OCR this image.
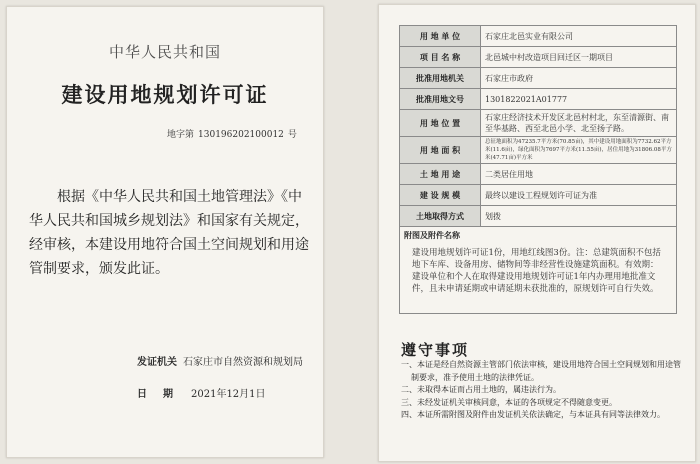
中华人民共和国
建设用地规划许可证
地字第 130196202100012 号
根据《中华人民共和国土地管理法》《中华人民共和国城乡规划法》和国家有关规定，经审核，本建设用地符合国土空间规划和用途管制要求，颁发此证。
发证机关 石家庄市自然资源和规划局
日期 2021年12月1日
用 地 单 位	石家庄北邑实业有限公司
项 目 名 称	北邑城中村改造项目回迁区一期项目
批准用地机关	石家庄市政府
批准用地文号	1301822021A01777
用 地 位 置	石家庄经济技术开发区北邑村村北，东至清源街、南至华基路、西至北邑小学、北至扬子路。
用 地 面 积	总征地面积为47235.7平方米(70.85亩)，其中建设用地面积为7732.62平方米(11.6亩)，绿化面积为7697平方米(11.55亩)，居住用地为31806.08平方米(47.71亩)平方米
土 地 用 途	二类居住用地
建 设 规 模	最终以建设工程规划许可证为准
土地取得方式	划拨

附图及附件名称
建设用地规划许可证1份，用地红线图3份。注：总建筑面积不包括地下车库、设备用房、储物间等非经营性设施建筑面积。有效期：建设单位和个人在取得建设用地规划许可证1年内办理用地批准文件，且未申请延期或申请延期未获批准的，原规划许可自行失效。	
遵守事项
一、本证是经自然资源主管部门依法审核，建设用地符合国土空间规划和用途管制要求，准予使用土地的法律凭证。
二、未取得本证而占用土地的，属违法行为。
三、未经发证机关审核同意，本证的各项规定不得随意变更。
四、本证所需附图及附件由发证机关依法确定，与本证具有同等法律效力。
